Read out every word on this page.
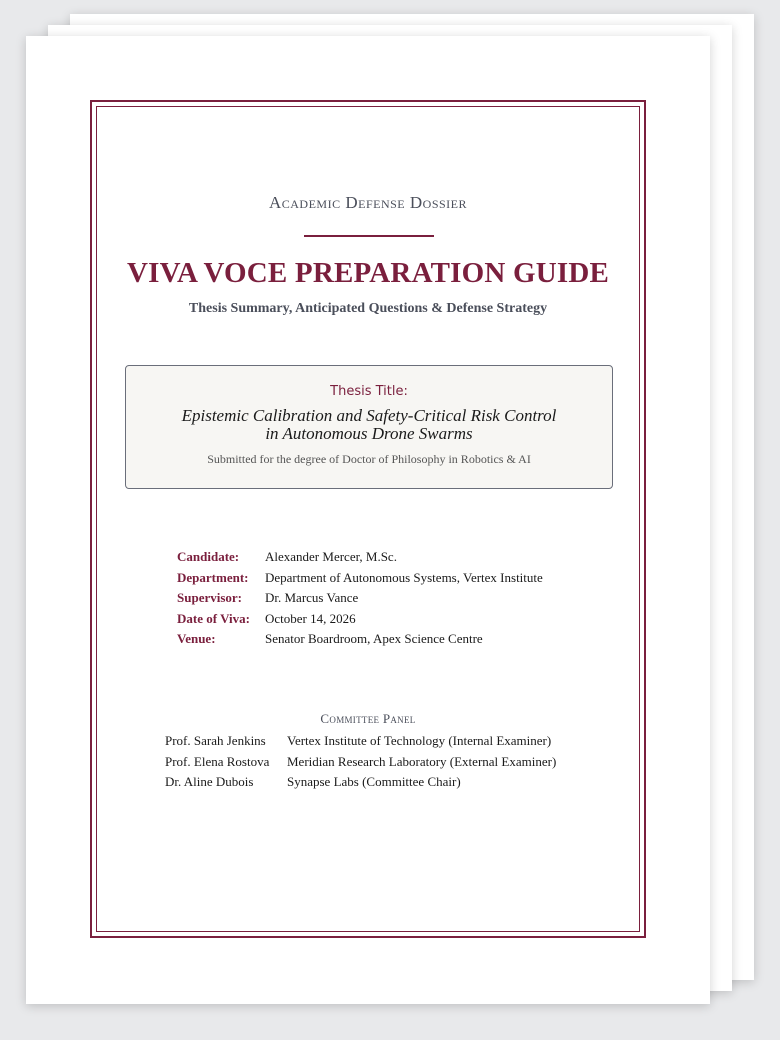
Academic Defense Dossier
VIVA VOCE PREPARATION GUIDE
Thesis Summary, Anticipated Questions & Defense Strategy
Thesis Title:
Epistemic Calibration and Safety-Critical Risk Control
in Autonomous Drone Swarms
Submitted for the degree of Doctor of Philosophy in Robotics & AI
Candidate:	Alexander Mercer, M.Sc.
Department:	Department of Autonomous Systems, Vertex Institute
Supervisor:	Dr. Marcus Vance
Date of Viva:	October 14, 2026
Venue:	Senator Boardroom, Apex Science Centre
Committee Panel
Prof. Sarah Jenkins	Vertex Institute of Technology (Internal Examiner)
Prof. Elena Rostova	Meridian Research Laboratory (External Examiner)
Dr. Aline Dubois	Synapse Labs (Committee Chair)
